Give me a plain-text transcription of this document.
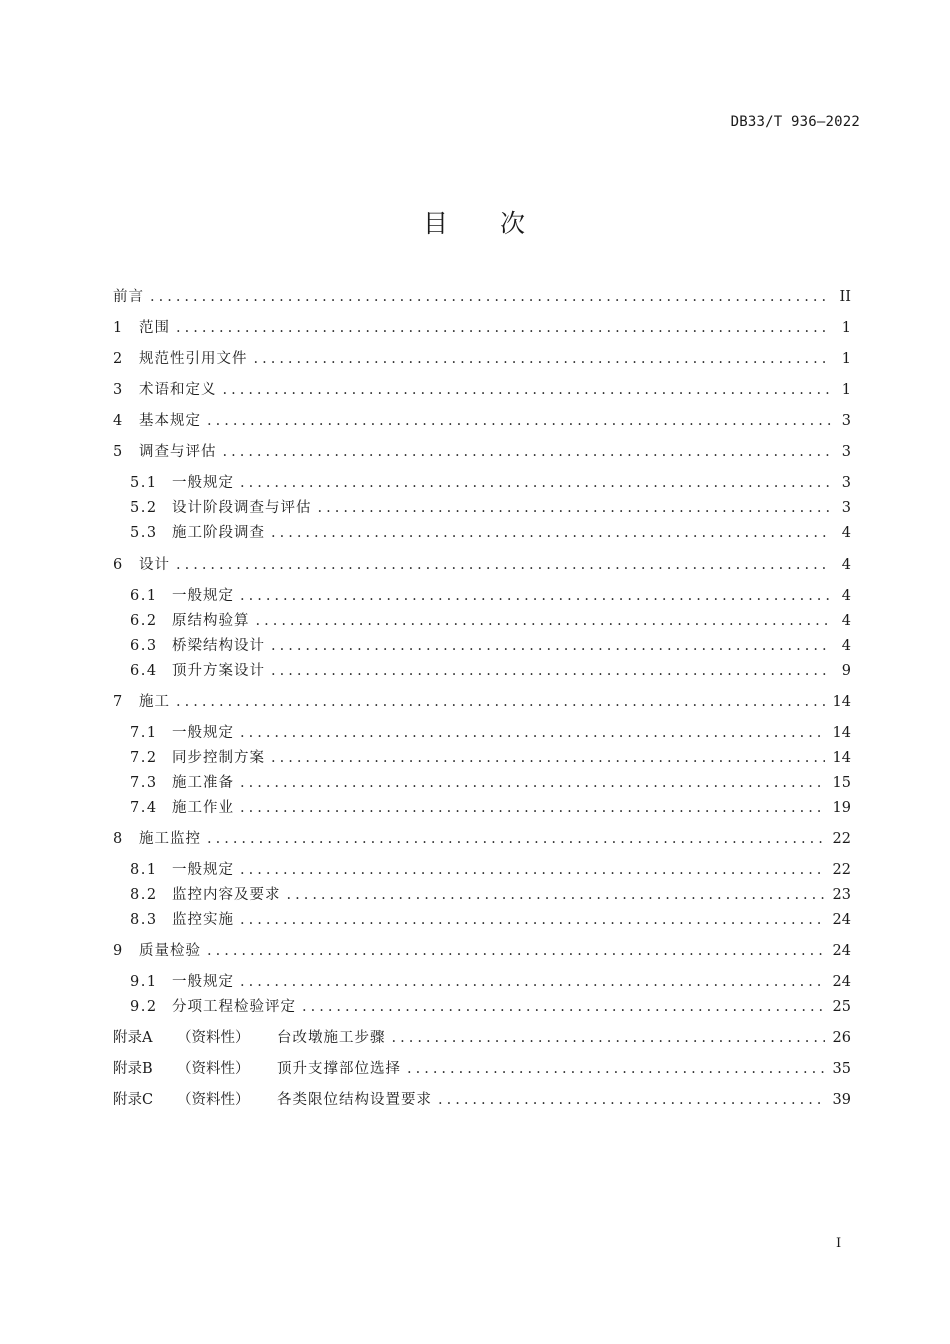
DB33/T 936—2022
目 次
前言 .....	II
1	范围 .....	1
2	规范性引用文件 .....	1
3	术语和定义 .....	1
4	基本规定 .....	3
5	调查与评估 .....	3
5.1 一般规定 .....	3
5.2 设计阶段调查与评估 .....	3
5.3 施工阶段调查 .....	4
6	设计 .....	4
6.1 一般规定 .....	4
6.2 原结构验算 .....	4
6.3 桥梁结构设计 .....	4
6.4 顶升方案设计 .....	9
7	施工 .....	14
7.1 一般规定 .....	14
7.2 同步控制方案 .....	14
7.3 施工准备 .....	15
7.4 施工作业 .....	19
8	施工监控 .....	22
8.1 一般规定 .....	22
8.2 监控内容及要求 .....	23
8.3 监控实施 .....	24
9	质量检验 .....	24
9.1 一般规定 .....	24
9.2 分项工程检验评定 .....	25
附录A	（资料性）	台改墩施工步骤 .....	26
附录B	（资料性）	顶升支撑部位选择 .....	35
附录C	（资料性）	各类限位结构设置要求 .....	39
I
